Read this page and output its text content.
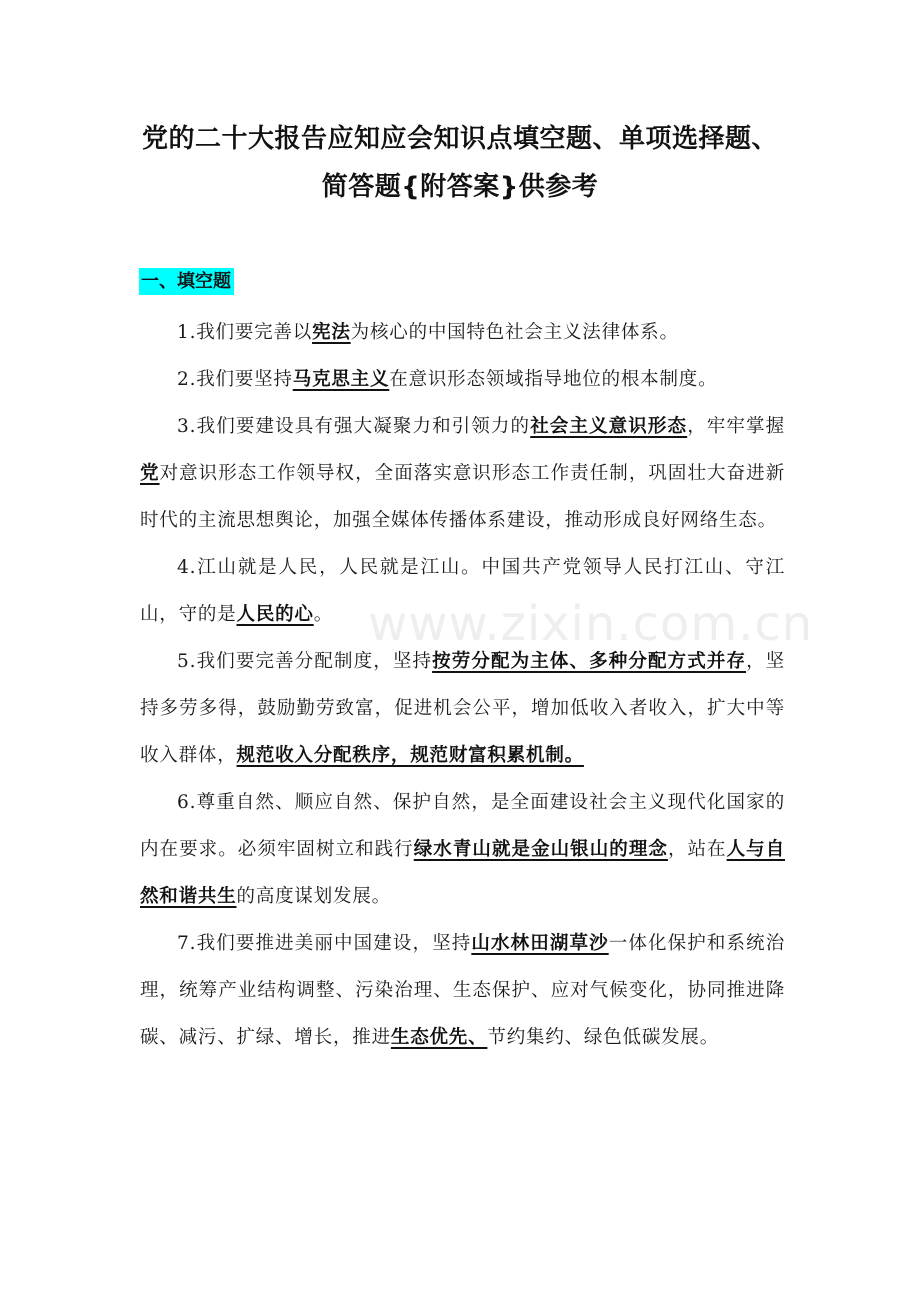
党的二十大报告应知应会知识点填空题、单项选择题、
简答题{附答案}供参考
一、填空题

1.我们要完善以宪法为核心的中国特色社会主义法律体系。

2.我们要坚持马克思主义在意识形态领域指导地位的根本制度。

3.我们要建设具有强大凝聚力和引领力的社会主义意识形态，牢牢掌握党对意识形态工作领导权，全面落实意识形态工作责任制，巩固壮大奋进新时代的主流思想舆论，加强全媒体传播体系建设，推动形成良好网络生态。

4.江山就是人民，人民就是江山。中国共产党领导人民打江山、守江山，守的是人民的心。

5.我们要完善分配制度，坚持按劳分配为主体、多种分配方式并存，坚持多劳多得，鼓励勤劳致富，促进机会公平，增加低收入者收入，扩大中等收入群体，规范收入分配秩序，规范财富积累机制。

6.尊重自然、顺应自然、保护自然，是全面建设社会主义现代化国家的内在要求。必须牢固树立和践行绿水青山就是金山银山的理念，站在人与自然和谐共生的高度谋划发展。

7.我们要推进美丽中国建设，坚持山水林田湖草沙一体化保护和系统治理，统筹产业结构调整、污染治理、生态保护、应对气候变化，协同推进降碳、减污、扩绿、增长，推进生态优先、节约集约、绿色低碳发展。

www.zixin.com.cn
